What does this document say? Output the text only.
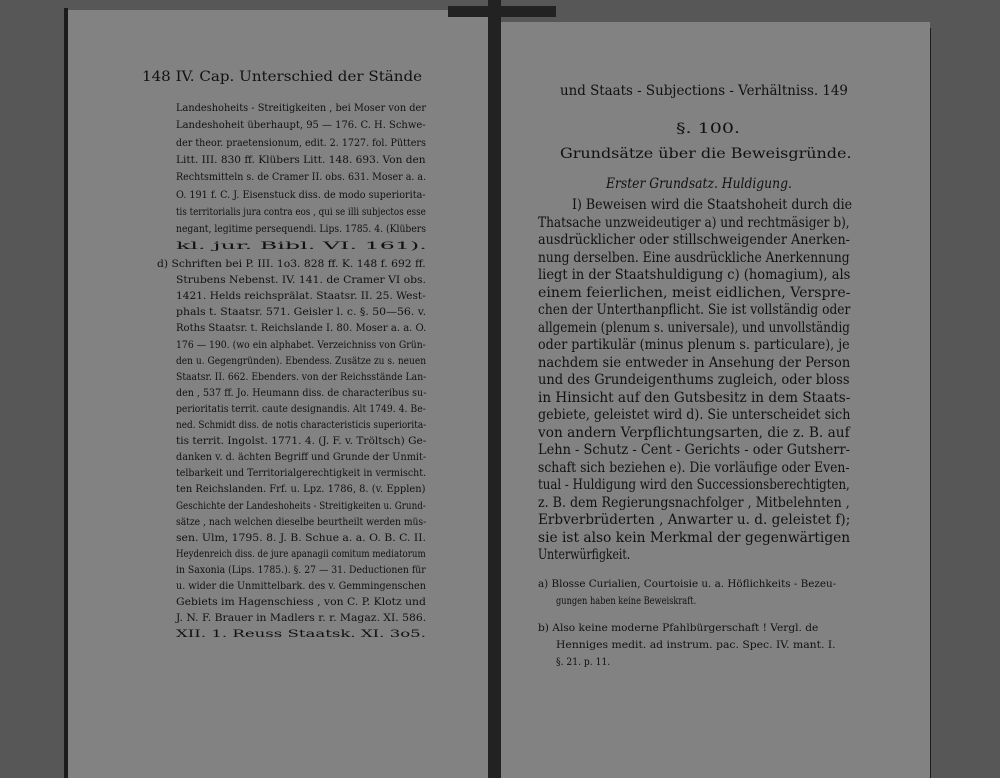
148 IV. Cap. Unterschied der Stände
Landeshoheits - Streitigkeiten , bei Moser von der
Landeshoheit überhaupt, 95 — 176. C. H. Schwe-
der theor. praetensionum, edit. 2. 1727. fol. Pütters
Litt. III. 830 ff. Klübers Litt. 148. 693. Von den
Rechtsmitteln s. de Cramer II. obs. 631. Moser a. a.
O. 191 f. C. J. Eisenstuck diss. de modo superiorita-
tis territorialis jura contra eos , qui se illi subjectos esse
negant, legitime persequendi. Lips. 1785. 4. (Klübers
kl. jur. Bibl. VI. 161).
d) Schriften bei P. III. 1o3. 828 ff. K. 148 f. 692 ff.
Strubens Nebenst. IV. 141. de Cramer VI obs.
1421. Helds reichsprälat. Staatsr. II. 25. West-
phals t. Staatsr. 571. Geisler l. c. §. 50—56. v.
Roths Staatsr. t. Reichslande I. 80. Moser a. a. O.
176 — 190. (wo ein alphabet. Verzeichniss von Grün-
den u. Gegengründen). Ebendess. Zusätze zu s. neuen
Staatsr. II. 662. Ebenders. von der Reichsstände Lan-
den , 537 ff. Jo. Heumann diss. de characteribus su-
perioritatis territ. caute designandis. Alt 1749. 4. Be-
ned. Schmidt diss. de notis characteristicis superiorita-
tis territ. Ingolst. 1771. 4. (J. F. v. Tröltsch) Ge-
danken v. d. ächten Begriff und Grunde der Unmit-
telbarkeit und Territorialgerechtigkeit in vermischt.
ten Reichslanden. Frf. u. Lpz. 1786, 8. (v. Epplen)
Geschichte der Landeshoheits - Streitigkeiten u. Grund-
sätze , nach welchen dieselbe beurtheilt werden müs-
sen. Ulm, 1795. 8. J. B. Schue a. a. O. B. C. II.
Heydenreich diss. de jure apanagii comitum mediatorum
in Saxonia (Lips. 1785.). §. 27 — 31. Deductionen für
u. wider die Unmittelbark. des v. Gemmingenschen
Gebiets im Hagenschiess , von C. P. Klotz und
J. N. F. Brauer in Madlers r. r. Magaz. XI. 586.
XII. 1. Reuss Staatsk. XI. 3o5.
und Staats - Subjections - Verhältniss. 149
§. 100.
Grundsätze über die Beweisgründe.
Erster Grundsatz. Huldigung.
I) Beweisen wird die Staatshoheit durch die
Thatsache unzweideutiger a) und rechtmäsiger b),
ausdrücklicher oder stillschweigender Anerken-
nung derselben. Eine ausdrückliche Anerkennung
liegt in der Staatshuldigung c) (homagium), als
einem feierlichen, meist eidlichen, Verspre-
chen der Unterthanpflicht. Sie ist vollständig oder
allgemein (plenum s. universale), und unvollständig
oder partikulär (minus plenum s. particulare), je
nachdem sie entweder in Ansehung der Person
und des Grundeigenthums zugleich, oder bloss
in Hinsicht auf den Gutsbesitz in dem Staats-
gebiete, geleistet wird d). Sie unterscheidet sich
von andern Verpflichtungsarten, die z. B. auf
Lehn - Schutz - Cent - Gerichts - oder Gutsherr-
schaft sich beziehen e). Die vorläufige oder Even-
tual - Huldigung wird den Successionsberechtigten,
z. B. dem Regierungsnachfolger , Mitbelehnten ,
Erbverbrüderten , Anwarter u. d. geleistet f);
sie ist also kein Merkmal der gegenwärtigen
Unterwürfigkeit.
a) Blosse Curialien, Courtoisie u. a. Höflichkeits - Bezeu-
gungen haben keine Beweiskraft.
b) Also keine moderne Pfahlbürgerschaft ! Vergl. de
Henniges medit. ad instrum. pac. Spec. IV. mant. I.
§. 21. p. 11.
